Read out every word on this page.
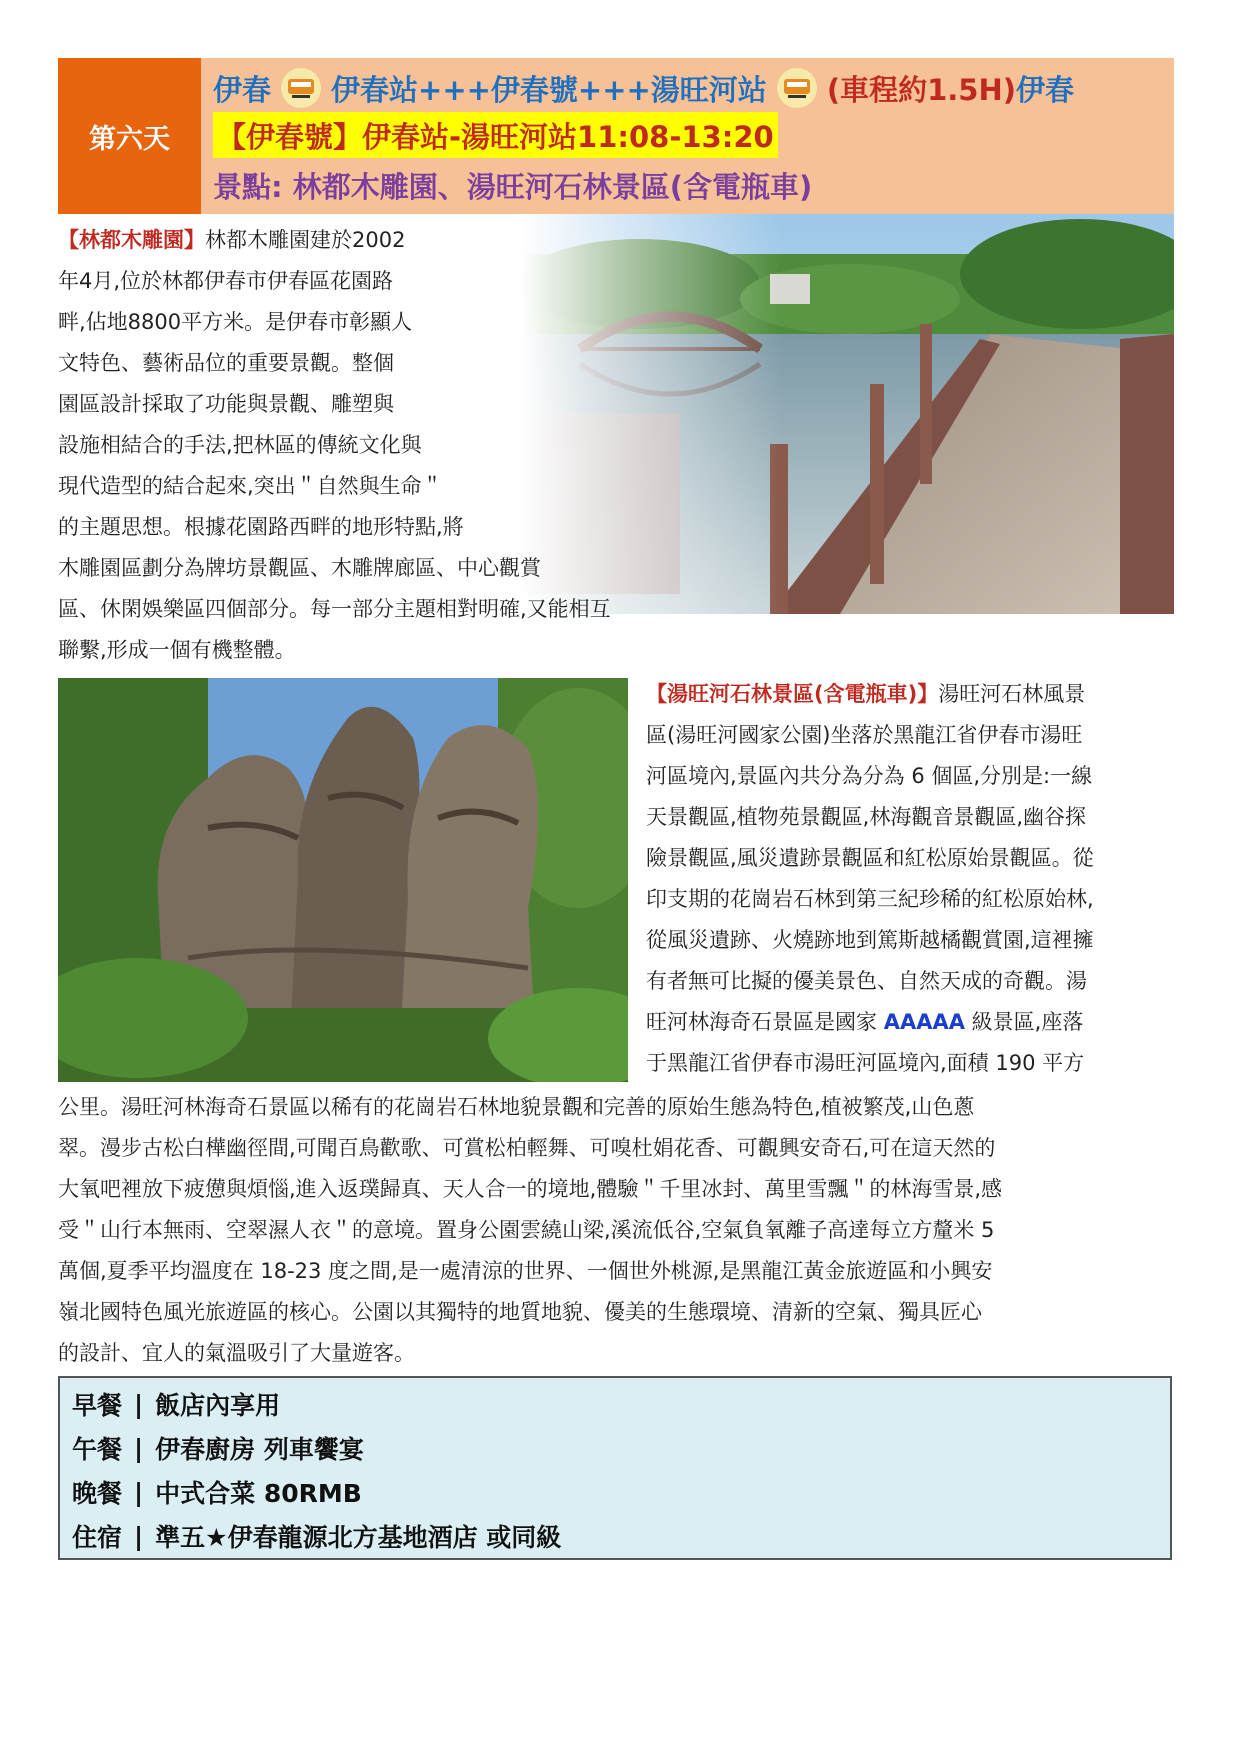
第六天
伊春 伊春站+++伊春號+++湯旺河站 (車程約1.5H) 伊春
【伊春號】伊春站-湯旺河站11:08-13:20
景點: 林都木雕園、湯旺河石林景區(含電瓶車)

【林都木雕園】林都木雕園建於2002

年4月,位於林都伊春市伊春區花園路

畔,佔地8800平方米。是伊春市彰顯人

文特色、藝術品位的重要景觀。整個

園區設計採取了功能與景觀、雕塑與

設施相結合的手法,把林區的傳統文化與

現代造型的結合起來,突出＂自然與生命＂

的主題思想。根據花園路西畔的地形特點,將

木雕園區劃分為牌坊景觀區、木雕牌廊區、中心觀賞

區、休閑娛樂區四個部分。每一部分主題相對明確,又能相互

聯繫,形成一個有機整體。

【湯旺河石林景區(含電瓶車)】湯旺河石林風景

區(湯旺河國家公園)坐落於黑龍江省伊春市湯旺

河區境內,景區內共分為分為 6 個區,分別是:一線

天景觀區,植物苑景觀區,林海觀音景觀區,幽谷探

險景觀區,風災遺跡景觀區和紅松原始景觀區。從

印支期的花崗岩石林到第三紀珍稀的紅松原始林,

從風災遺跡、火燒跡地到篤斯越橘觀賞園,這裡擁

有者無可比擬的優美景色、自然天成的奇觀。湯

旺河林海奇石景區是國家 AAAAA 級景區,座落

于黑龍江省伊春市湯旺河區境內,面積 190 平方

公里。湯旺河林海奇石景區以稀有的花崗岩石林地貌景觀和完善的原始生態為特色,植被繁茂,山色蔥

翠。漫步古松白樺幽徑間,可聞百鳥歡歌、可賞松柏輕舞、可嗅杜娟花香、可觀興安奇石,可在這天然的

大氧吧裡放下疲憊與煩惱,進入返璞歸真、天人合一的境地,體驗＂千里冰封、萬里雪飄＂的林海雪景,感

受＂山行本無雨、空翠濕人衣＂的意境。置身公園雲繞山梁,溪流低谷,空氣負氧離子高達每立方釐米 5

萬個,夏季平均溫度在 18-23 度之間,是一處清涼的世界、一個世外桃源,是黑龍江黃金旅遊區和小興安

嶺北國特色風光旅遊區的核心。公園以其獨特的地質地貌、優美的生態環境、清新的空氣、獨具匠心

的設計、宜人的氣溫吸引了大量遊客。

早餐 | 飯店內享用
午餐 | 伊春廚房 列車饗宴
晚餐 | 中式合菜 80RMB
住宿 | 準五★伊春龍源北方基地酒店 或同級
